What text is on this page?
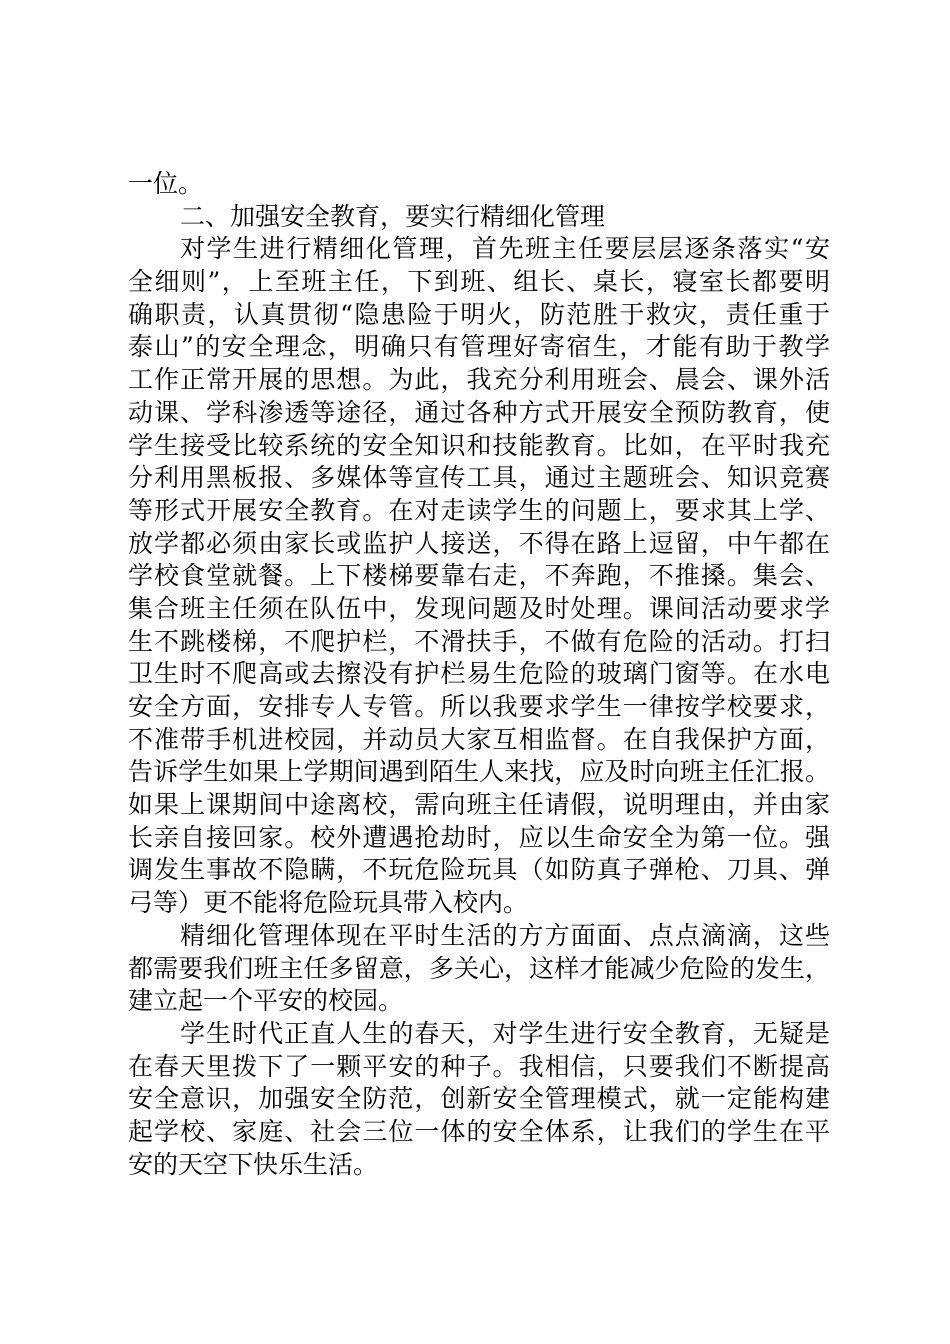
一位。
二、加强安全教育，要实行精细化管理
对学生进行精细化管理，首先班主任要层层逐条落实“安
全细则”，上至班主任，下到班、组长、桌长，寝室长都要明
确职责，认真贯彻“隐患险于明火，防范胜于救灾，责任重于
泰山”的安全理念，明确只有管理好寄宿生，才能有助于教学
工作正常开展的思想。为此，我充分利用班会、晨会、课外活
动课、学科渗透等途径，通过各种方式开展安全预防教育，使
学生接受比较系统的安全知识和技能教育。比如，在平时我充
分利用黑板报、多媒体等宣传工具，通过主题班会、知识竞赛
等形式开展安全教育。在对走读学生的问题上，要求其上学、
放学都必须由家长或监护人接送，不得在路上逗留，中午都在
学校食堂就餐。上下楼梯要靠右走，不奔跑，不推搡。集会、
集合班主任须在队伍中，发现问题及时处理。课间活动要求学
生不跳楼梯，不爬护栏，不滑扶手，不做有危险的活动。打扫
卫生时不爬高或去擦没有护栏易生危险的玻璃门窗等。在水电
安全方面，安排专人专管。所以我要求学生一律按学校要求，
不准带手机进校园，并动员大家互相监督。在自我保护方面，
告诉学生如果上学期间遇到陌生人来找，应及时向班主任汇报。
如果上课期间中途离校，需向班主任请假，说明理由，并由家
长亲自接回家。校外遭遇抢劫时，应以生命安全为第一位。强
调发生事故不隐瞒，不玩危险玩具（如防真子弹枪、刀具、弹
弓等）更不能将危险玩具带入校内。
精细化管理体现在平时生活的方方面面、点点滴滴，这些
都需要我们班主任多留意，多关心，这样才能减少危险的发生，
建立起一个平安的校园。
学生时代正直人生的春天，对学生进行安全教育，无疑是
在春天里拨下了一颗平安的种子。我相信，只要我们不断提高
安全意识，加强安全防范，创新安全管理模式，就一定能构建
起学校、家庭、社会三位一体的安全体系，让我们的学生在平
安的天空下快乐生活。
